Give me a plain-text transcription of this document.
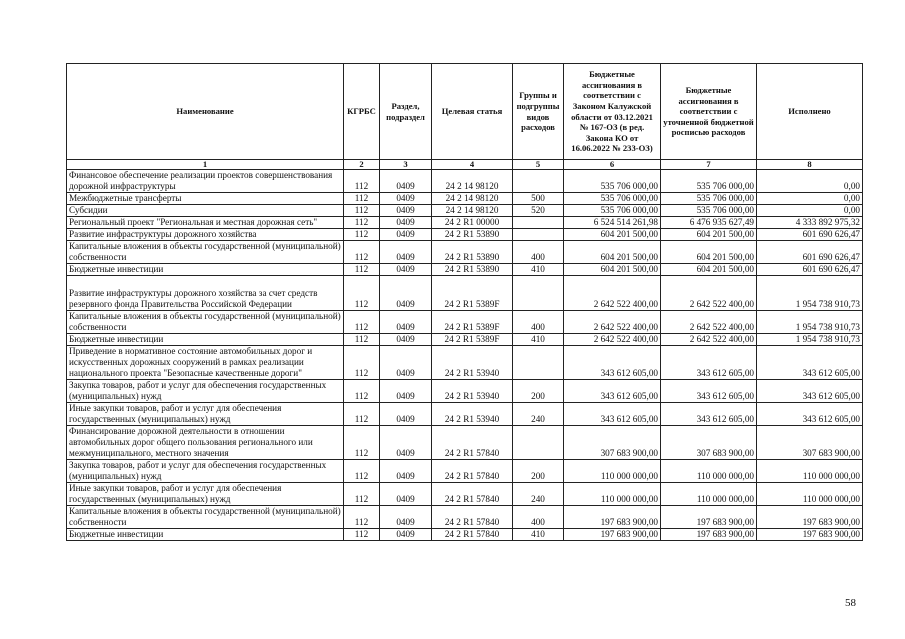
Наименование	КГРБС	Раздел, подраздел	Целевая статья	Группы и подгруппы видов расходов	Бюджетные ассигнования в соответствии с Законом Калужской области от 03.12.2021 № 167-ОЗ (в ред. Закона КО от 16.06.2022 № 233-ОЗ)	Бюджетные ассигнования в соответствии с уточненной бюджетной росписью расходов	Исполнено
1	2	3	4	5	6	7	8
Финансовое обеспечение реализации проектов совершенствования дорожной инфраструктуры	112	0409	24 2 14 98120		535 706 000,00	535 706 000,00	0,00
Межбюджетные трансферты	112	0409	24 2 14 98120	500	535 706 000,00	535 706 000,00	0,00
Субсидии	112	0409	24 2 14 98120	520	535 706 000,00	535 706 000,00	0,00
Региональный проект "Региональная и местная дорожная сеть"	112	0409	24 2 R1 00000		6 524 514 261,98	6 476 935 627,49	4 333 892 975,32
Развитие инфраструктуры дорожного хозяйства	112	0409	24 2 R1 53890		604 201 500,00	604 201 500,00	601 690 626,47
Капитальные вложения в объекты государственной (муниципальной) собственности	112	0409	24 2 R1 53890	400	604 201 500,00	604 201 500,00	601 690 626,47
Бюджетные инвестиции	112	0409	24 2 R1 53890	410	604 201 500,00	604 201 500,00	601 690 626,47
Развитие инфраструктуры дорожного хозяйства за счет средств резервного фонда Правительства Российской Федерации	112	0409	24 2 R1 5389F		2 642 522 400,00	2 642 522 400,00	1 954 738 910,73
Капитальные вложения в объекты государственной (муниципальной) собственности	112	0409	24 2 R1 5389F	400	2 642 522 400,00	2 642 522 400,00	1 954 738 910,73
Бюджетные инвестиции	112	0409	24 2 R1 5389F	410	2 642 522 400,00	2 642 522 400,00	1 954 738 910,73
Приведение в нормативное состояние автомобильных дорог и искусственных дорожных сооружений в рамках реализации национального проекта "Безопасные качественные дороги"	112	0409	24 2 R1 53940		343 612 605,00	343 612 605,00	343 612 605,00
Закупка товаров, работ и услуг для обеспечения государственных (муниципальных) нужд	112	0409	24 2 R1 53940	200	343 612 605,00	343 612 605,00	343 612 605,00
Иные закупки товаров, работ и услуг для обеспечения государственных (муниципальных) нужд	112	0409	24 2 R1 53940	240	343 612 605,00	343 612 605,00	343 612 605,00
Финансирование дорожной деятельности в отношении автомобильных дорог общего пользования регионального или межмуниципального, местного значения	112	0409	24 2 R1 57840		307 683 900,00	307 683 900,00	307 683 900,00
Закупка товаров, работ и услуг для обеспечения государственных (муниципальных) нужд	112	0409	24 2 R1 57840	200	110 000 000,00	110 000 000,00	110 000 000,00
Иные закупки товаров, работ и услуг для обеспечения государственных (муниципальных) нужд	112	0409	24 2 R1 57840	240	110 000 000,00	110 000 000,00	110 000 000,00
Капитальные вложения в объекты государственной (муниципальной) собственности	112	0409	24 2 R1 57840	400	197 683 900,00	197 683 900,00	197 683 900,00
Бюджетные инвестиции	112	0409	24 2 R1 57840	410	197 683 900,00	197 683 900,00	197 683 900,00
58
